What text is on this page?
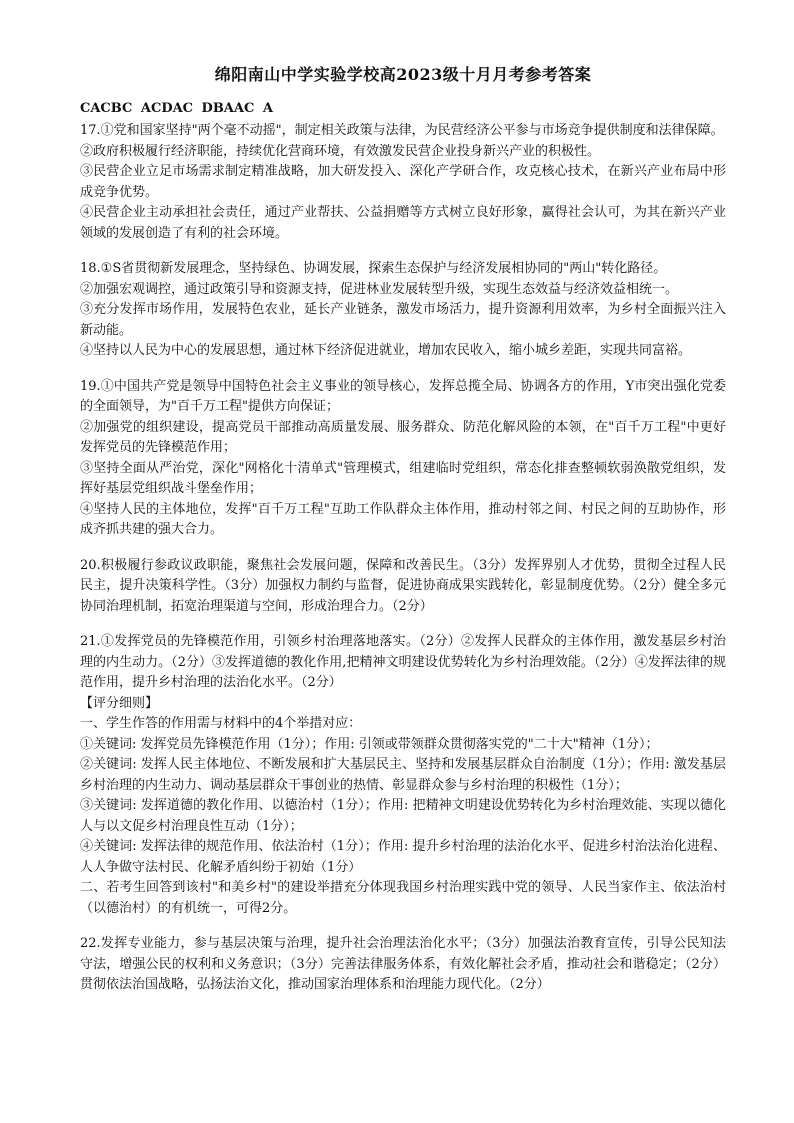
绵阳南山中学实验学校高2023级十月月考参考答案
CACBC ACDAC DBAAC A

17.①党和国家坚持"两个毫不动摇"，制定相关政策与法律，为民营经济公平参与市场竞争提供制度和法律保障。

②政府积极履行经济职能，持续优化营商环境，有效激发民营企业投身新兴产业的积极性。

③民营企业立足市场需求制定精准战略，加大研发投入、深化产学研合作，攻克核心技术，在新兴产业布局中形成竞争优势。

④民营企业主动承担社会责任，通过产业帮扶、公益捐赠等方式树立良好形象，赢得社会认可，为其在新兴产业领域的发展创造了有利的社会环境。

18.①S省贯彻新发展理念，坚持绿色、协调发展，探索生态保护与经济发展相协同的"两山"转化路径。

②加强宏观调控，通过政策引导和资源支持，促进林业发展转型升级，实现生态效益与经济效益相统一。

③充分发挥市场作用，发展特色农业，延长产业链条，激发市场活力，提升资源利用效率，为乡村全面振兴注入新动能。

④坚持以人民为中心的发展思想，通过林下经济促进就业，增加农民收入，缩小城乡差距，实现共同富裕。

19.①中国共产党是领导中国特色社会主义事业的领导核心，发挥总揽全局、协调各方的作用，Y市突出强化党委的全面领导，为"百千万工程"提供方向保证；

②加强党的组织建设，提高党员干部推动高质量发展、服务群众、防范化解风险的本领，在"百千万工程"中更好发挥党员的先锋模范作用；

③坚持全面从严治党，深化"网格化十清单式"管理模式，组建临时党组织，常态化排查整顿软弱涣散党组织，发挥好基层党组织战斗堡垒作用；

④坚持人民的主体地位，发挥"百千万工程"互助工作队群众主体作用，推动村邻之间、村民之间的互助协作，形成齐抓共建的强大合力。

20.积极履行参政议政职能，聚焦社会发展问题，保障和改善民生。（3分）发挥界别人才优势，贯彻全过程人民民主，提升决策科学性。（3分）加强权力制约与监督，促进协商成果实践转化，彰显制度优势。（2分）健全多元协同治理机制，拓宽治理渠道与空间，形成治理合力。（2分）

21.①发挥党员的先锋模范作用，引领乡村治理落地落实。（2分）②发挥人民群众的主体作用，激发基层乡村治理的内生动力。（2分）③发挥道德的教化作用,把精神文明建设优势转化为乡村治理效能。（2分）④发挥法律的规范作用，提升乡村治理的法治化水平。（2分）

【评分细则】

一、学生作答的作用需与材料中的4个举措对应：

①关键词: 发挥党员先锋模范作用（1分）；作用: 引领或带领群众贯彻落实党的"二十大"精神（1分）；

②关键词: 发挥人民主体地位、不断发展和扩大基层民主、坚持和发展基层群众自治制度（1分）；作用: 激发基层乡村治理的内生动力、调动基层群众干事创业的热情、彰显群众参与乡村治理的积极性（1分）；

③关键词: 发挥道德的教化作用、以德治村（1分）；作用: 把精神文明建设优势转化为乡村治理效能、实现以德化人与以文促乡村治理良性互动（1分）；

④关键词: 发挥法律的规范作用、依法治村（1分）；作用: 提升乡村治理的法治化水平、促进乡村治法治化进程、人人争做守法村民、化解矛盾纠纷于初始（1分）

二、若考生回答到该村"和美乡村"的建设举措充分体现我国乡村治理实践中党的领导、人民当家作主、依法治村（以德治村）的有机统一，可得2分。

22.发挥专业能力，参与基层决策与治理，提升社会治理法治化水平；（3分）加强法治教育宣传，引导公民知法守法，增强公民的权利和义务意识；（3分）完善法律服务体系，有效化解社会矛盾，推动社会和谐稳定；（2分）贯彻依法治国战略，弘扬法治文化，推动国家治理体系和治理能力现代化。（2分）
